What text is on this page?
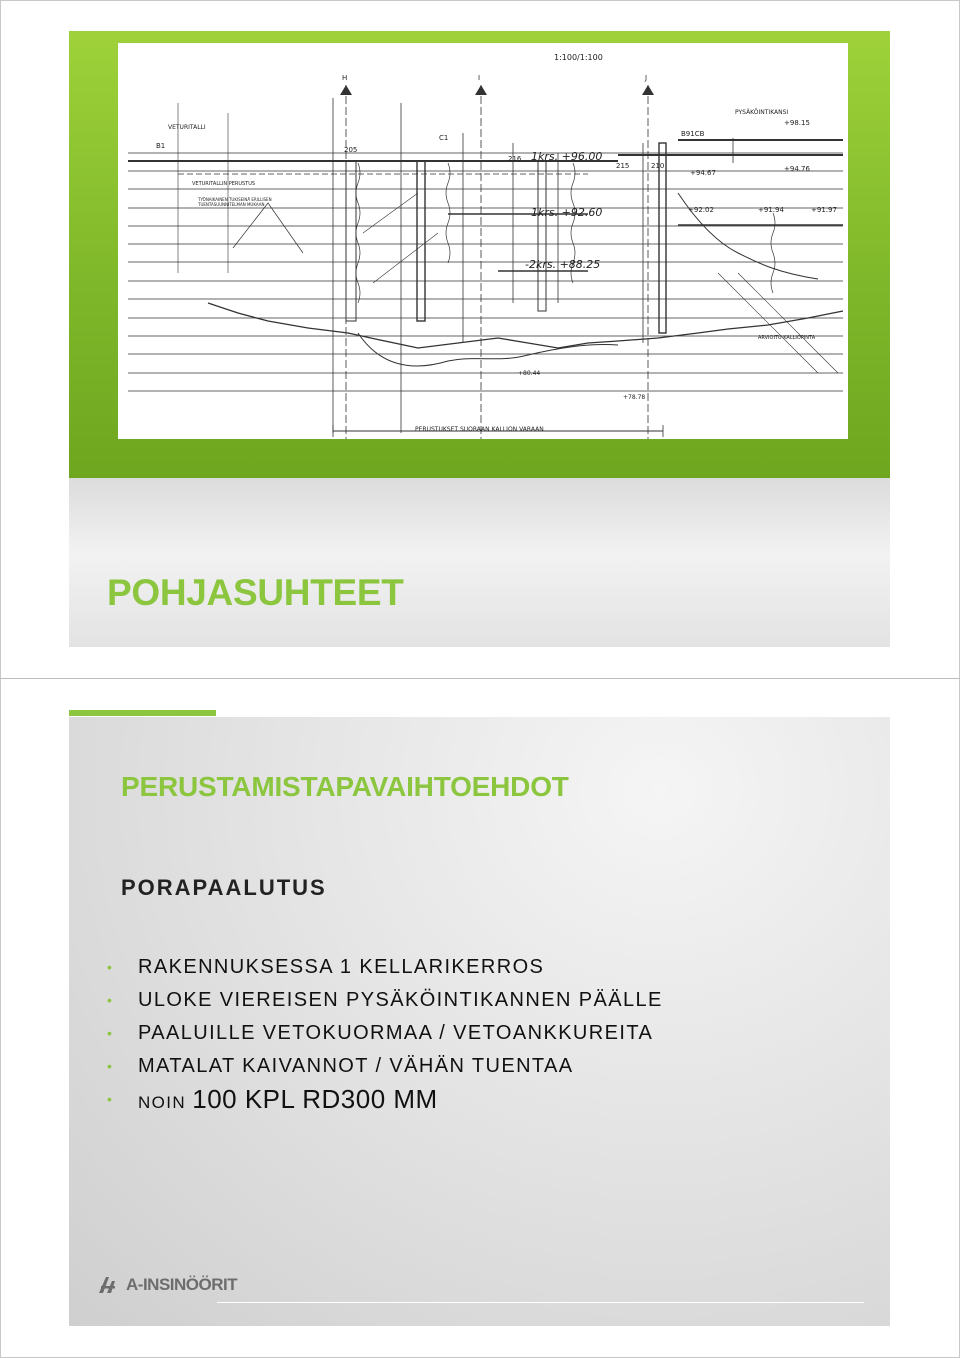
1:100/1:100
H	I	J
1krs. +96.00
1krs. +92.60
-2krs. +88.25
B1	205
C1
216
215	210
B91CB
+98.15
+94.76
+94.67
+91.94	+91.97
+92.02
+78.78
+80.44
VETURITALLI
PYSÄKÖINTIKANSI
VETURITALLIN PERUSTUS
TYÖNAIKAINEN TUKISEINÄ ERILLISEN TUENTASUUNNITELMAN MUKAAN
ARVIOITU KALLIOPINTA
PERUSTUKSET SUORAAN KALLION VARAAN
POHJASUHTEET
PERUSTAMISTAPAVAIHTOEHDOT
PORAPAALUTUS
• RAKENNUKSESSA 1 KELLARIKERROS
• ULOKE VIEREISEN PYSÄKÖINTIKANNEN PÄÄLLE
• PAALUILLE VETOKUORMAA / VETOANKKUREITA
• MATALAT KAIVANNOT / VÄHÄN TUENTAA
• NOIN 100 KPL RD300 MM
A-INSINÖÖRIT
